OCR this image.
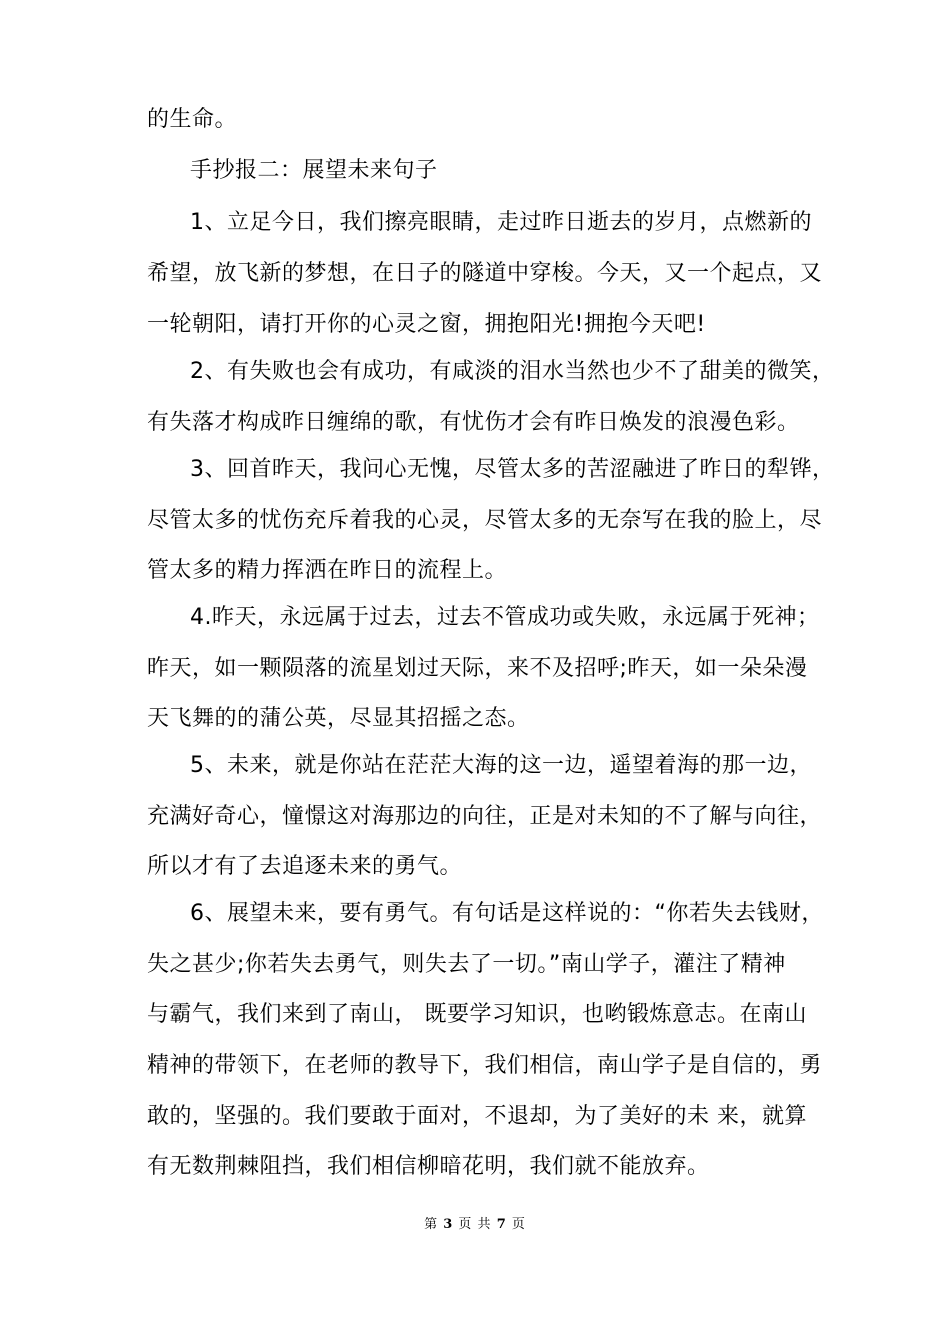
的生命。
手抄报二：展望未来句子
1、立足今日，我们擦亮眼睛，走过昨日逝去的岁月，点燃新的
希望，放飞新的梦想，在日子的隧道中穿梭。今天，又一个起点，又
一轮朝阳，请打开你的心灵之窗，拥抱阳光!拥抱今天吧!
2、有失败也会有成功，有咸淡的泪水当然也少不了甜美的微笑，
有失落才构成昨日缠绵的歌，有忧伤才会有昨日焕发的浪漫色彩。
3、回首昨天，我问心无愧，尽管太多的苦涩融进了昨日的犁铧，
尽管太多的忧伤充斥着我的心灵，尽管太多的无奈写在我的脸上，尽
管太多的精力挥洒在昨日的流程上。
4.昨天，永远属于过去，过去不管成功或失败，永远属于死神；
昨天，如一颗陨落的流星划过天际，来不及招呼;昨天，如一朵朵漫
天飞舞的的蒲公英，尽显其招摇之态。
5、未来，就是你站在茫茫大海的这一边，遥望着海的那一边，
充满好奇心，憧憬这对海那边的向往，正是对未知的不了解与向往，
所以才有了去追逐未来的勇气。
6、展望未来，要有勇气。有句话是这样说的：“你若失去钱财，
失之甚少;你若失去勇气，则失去了一切。”南山学子，灌注了精神
与霸气，我们来到了南山， 既要学习知识，也哟锻炼意志。在南山
精神的带领下，在老师的教导下，我们相信，南山学子是自信的，勇
敢的，坚强的。我们要敢于面对，不退却，为了美好的未 来，就算
有无数荆棘阻挡，我们相信柳暗花明，我们就不能放弃。
第 3 页 共 7 页
